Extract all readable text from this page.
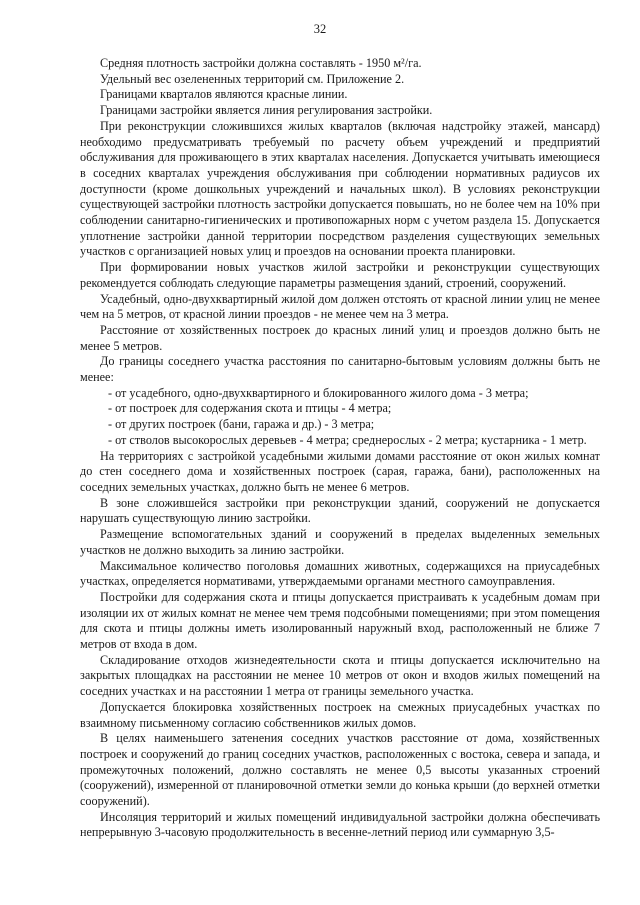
32

Средняя плотность застройки должна составлять - 1950 м²/га.

Удельный вес озелененных территорий см. Приложение 2.

Границами кварталов являются красные линии.

Границами застройки является линия регулирования застройки.

При реконструкции сложившихся жилых кварталов (включая надстройку этажей, мансард) необходимо предусматривать требуемый по расчету объем учреждений и предприятий обслуживания для проживающего в этих кварталах населения. Допускается учитывать имеющиеся в соседних кварталах учреждения обслуживания при соблюдении нормативных радиусов их доступности (кроме дошкольных учреждений и начальных школ). В условиях реконструкции существующей застройки плотность застройки допускается повышать, но не более чем на 10% при соблюдении санитарно-гигиенических и противопожарных норм с учетом раздела 15. Допускается уплотнение застройки данной территории посредством разделения существующих земельных участков с организацией новых улиц и проездов на основании проекта планировки.

При формировании новых участков жилой застройки и реконструкции существующих рекомендуется соблюдать следующие параметры размещения зданий, строений, сооружений.

Усадебный, одно-двухквартирный жилой дом должен отстоять от красной линии улиц не менее чем на 5 метров, от красной линии проездов - не менее чем на 3 метра.

Расстояние от хозяйственных построек до красных линий улиц и проездов должно быть не менее 5 метров.

До границы соседнего участка расстояния по санитарно-бытовым условиям должны быть не менее:

- от усадебного, одно-двухквартирного и блокированного жилого дома - 3 метра;

- от построек для содержания скота и птицы - 4 метра;

- от других построек (бани, гаража и др.) - 3 метра;

- от стволов высокорослых деревьев - 4 метра; среднерослых - 2 метра; кустарника - 1 метр.

На территориях с застройкой усадебными жилыми домами расстояние от окон жилых комнат до стен соседнего дома и хозяйственных построек (сарая, гаража, бани), расположенных на соседних земельных участках, должно быть не менее 6 метров.

В зоне сложившейся застройки при реконструкции зданий, сооружений не допускается нарушать существующую линию застройки.

Размещение вспомогательных зданий и сооружений в пределах выделенных земельных участков не должно выходить за линию застройки.

Максимальное количество поголовья домашних животных, содержащихся на приусадебных участках, определяется нормативами, утверждаемыми органами местного самоуправления.

Постройки для содержания скота и птицы допускается пристраивать к усадебным домам при изоляции их от жилых комнат не менее чем тремя подсобными помещениями; при этом помещения для скота и птицы должны иметь изолированный наружный вход, расположенный не ближе 7 метров от входа в дом.

Складирование отходов жизнедеятельности скота и птицы допускается исключительно на закрытых площадках на расстоянии не менее 10 метров от окон и входов жилых помещений на соседних участках и на расстоянии 1 метра от границы земельного участка.

Допускается блокировка хозяйственных построек на смежных приусадебных участках по взаимному письменному согласию собственников жилых домов.

В целях наименьшего затенения соседних участков расстояние от дома, хозяйственных построек и сооружений до границ соседних участков, расположенных с востока, севера и запада, и промежуточных положений, должно составлять не менее 0,5 высоты указанных строений (сооружений), измеренной от планировочной отметки земли до конька крыши (до верхней отметки сооружений).

Инсоляция территорий и жилых помещений индивидуальной застройки должна обеспечивать непрерывную 3-часовую продолжительность в весенне-летний период или суммарную 3,5-
